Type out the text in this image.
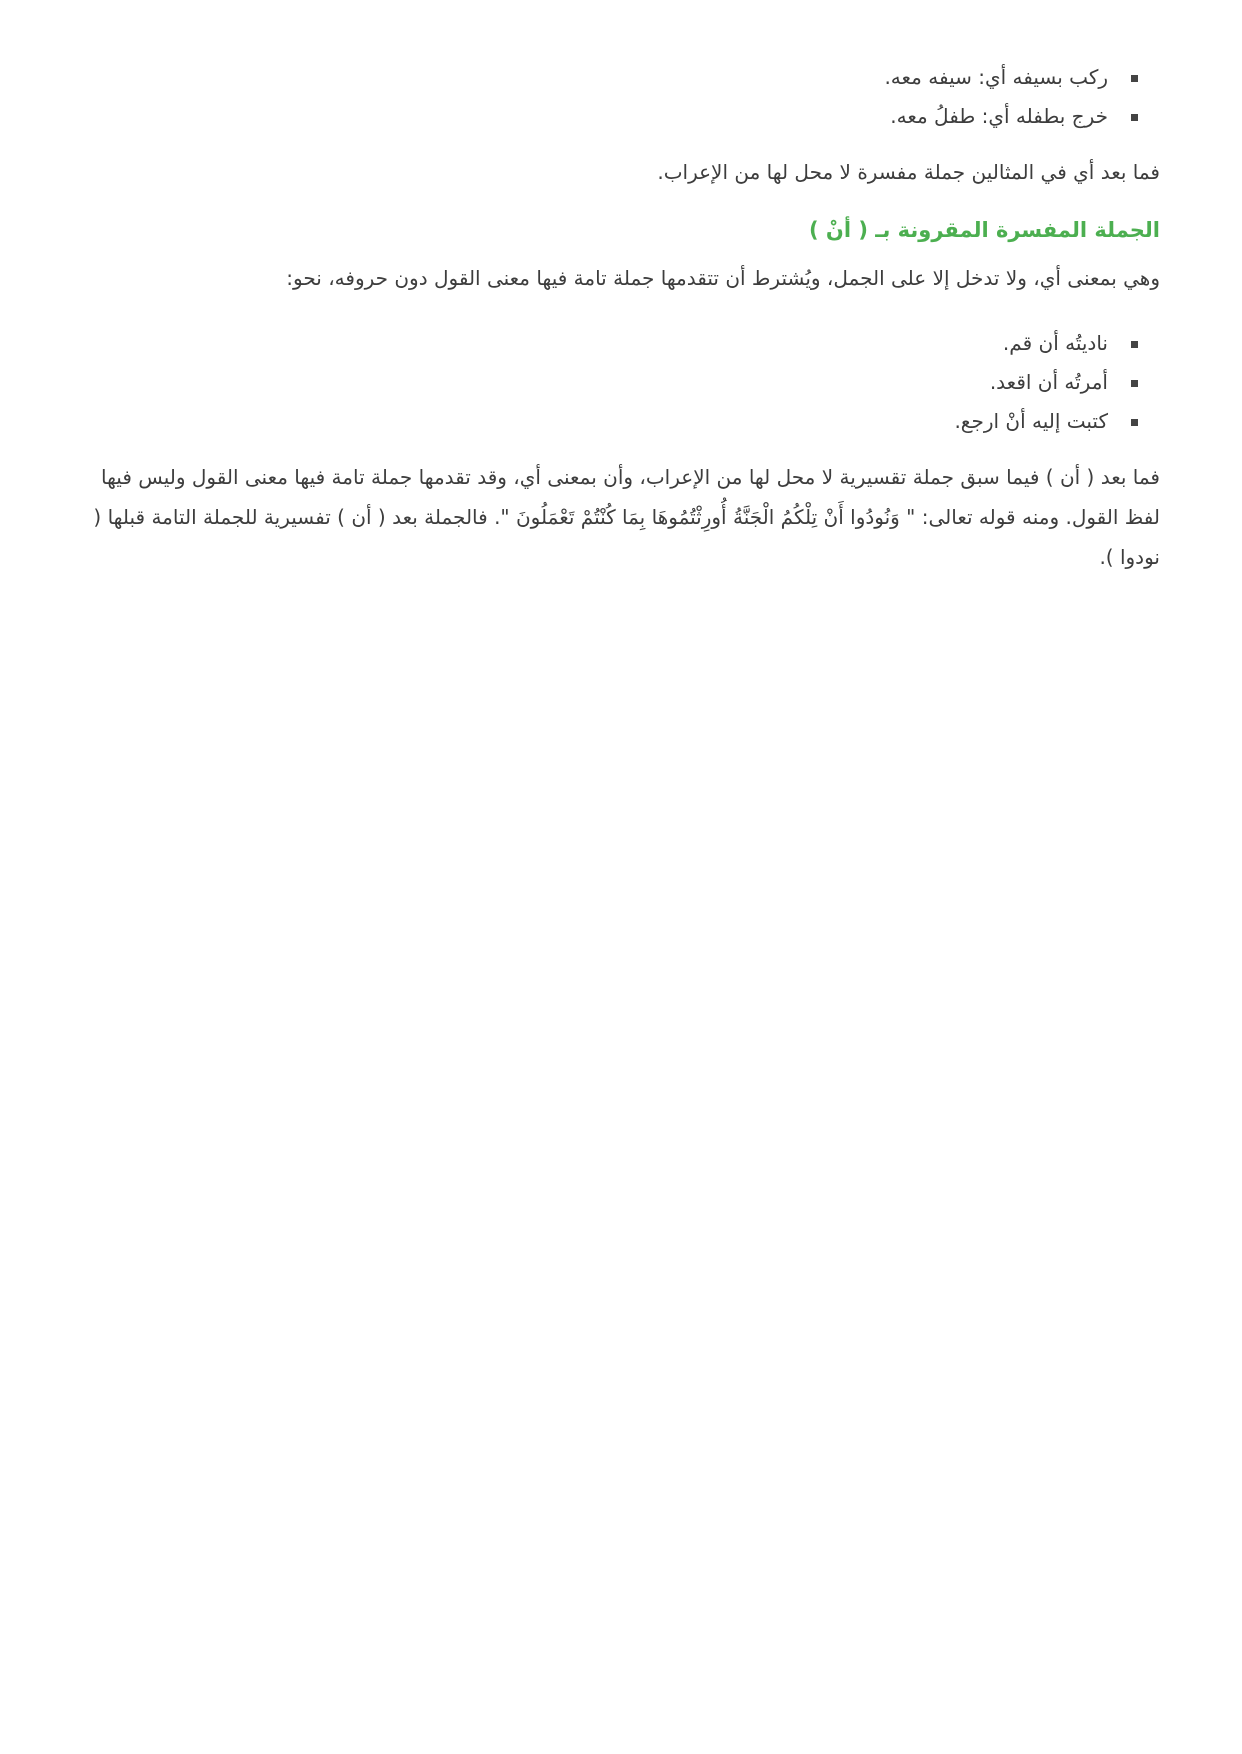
ركب بسيفه أي: سيفه معه.
خرج بطفله أي: طفلُ معه.

فما بعد أي في المثالين جملة مفسرة لا محل لها من الإعراب.

الجملة المفسرة المقرونة بـ ( أنْ )

وهي بمعنى أي، ولا تدخل إلا على الجمل، ويُشترط أن تتقدمها جملة تامة فيها معنى القول دون حروفه، نحو:

ناديتُه أن قم.
أمرتُه أن اقعد.
كتبت إليه أنْ ارجع.

فما بعد ( أن ) فيما سبق جملة تقسيرية لا محل لها من الإعراب، وأن بمعنى أي، وقد تقدمها جملة تامة فيها معنى القول وليس فيها لفظ القول. ومنه قوله تعالى: " وَنُودُوا أَنْ تِلْكُمُ الْجَنَّةُ أُورِثْتُمُوهَا بِمَا كُنْتُمْ تَعْمَلُونَ ". فالجملة بعد ( أن ) تفسيرية للجملة التامة قبلها ( نودوا ).
